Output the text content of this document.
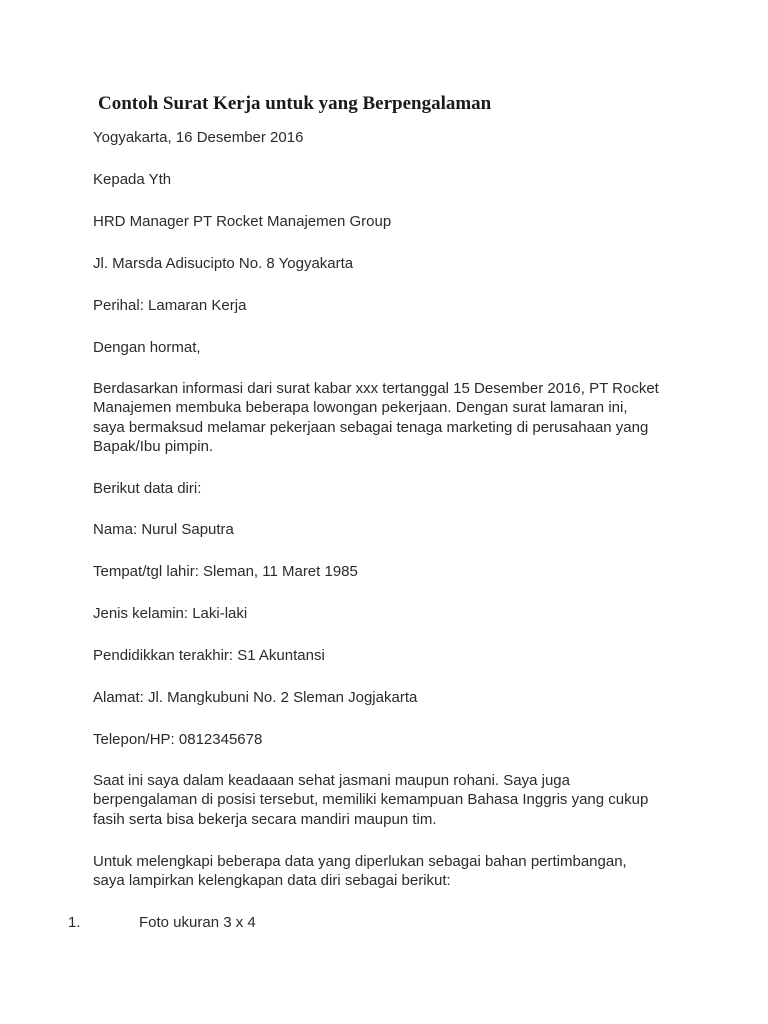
Contoh Surat Kerja untuk yang Berpengalaman
Yogyakarta, 16 Desember 2016
Kepada Yth
HRD Manager PT Rocket Manajemen Group
Jl. Marsda Adisucipto No. 8 Yogyakarta
Perihal: Lamaran Kerja
Dengan hormat,
Berdasarkan informasi dari surat kabar xxx tertanggal 15 Desember 2016, PT Rocket
Manajemen membuka beberapa lowongan pekerjaan. Dengan surat lamaran ini,
saya bermaksud melamar pekerjaan sebagai tenaga marketing di perusahaan yang
Bapak/Ibu pimpin.
Berikut data diri:
Nama: Nurul Saputra
Tempat/tgl lahir: Sleman, 11 Maret 1985
Jenis kelamin: Laki-laki
Pendidikkan terakhir: S1 Akuntansi
Alamat: Jl. Mangkubuni No. 2 Sleman Jogjakarta
Telepon/HP: 0812345678
Saat ini saya dalam keadaaan sehat jasmani maupun rohani. Saya juga
berpengalaman di posisi tersebut, memiliki kemampuan Bahasa Inggris yang cukup
fasih serta bisa bekerja secara mandiri maupun tim.
Untuk melengkapi beberapa data yang diperlukan sebagai bahan pertimbangan,
saya lampirkan kelengkapan data diri sebagai berikut:
1.	Foto ukuran 3 x 4
